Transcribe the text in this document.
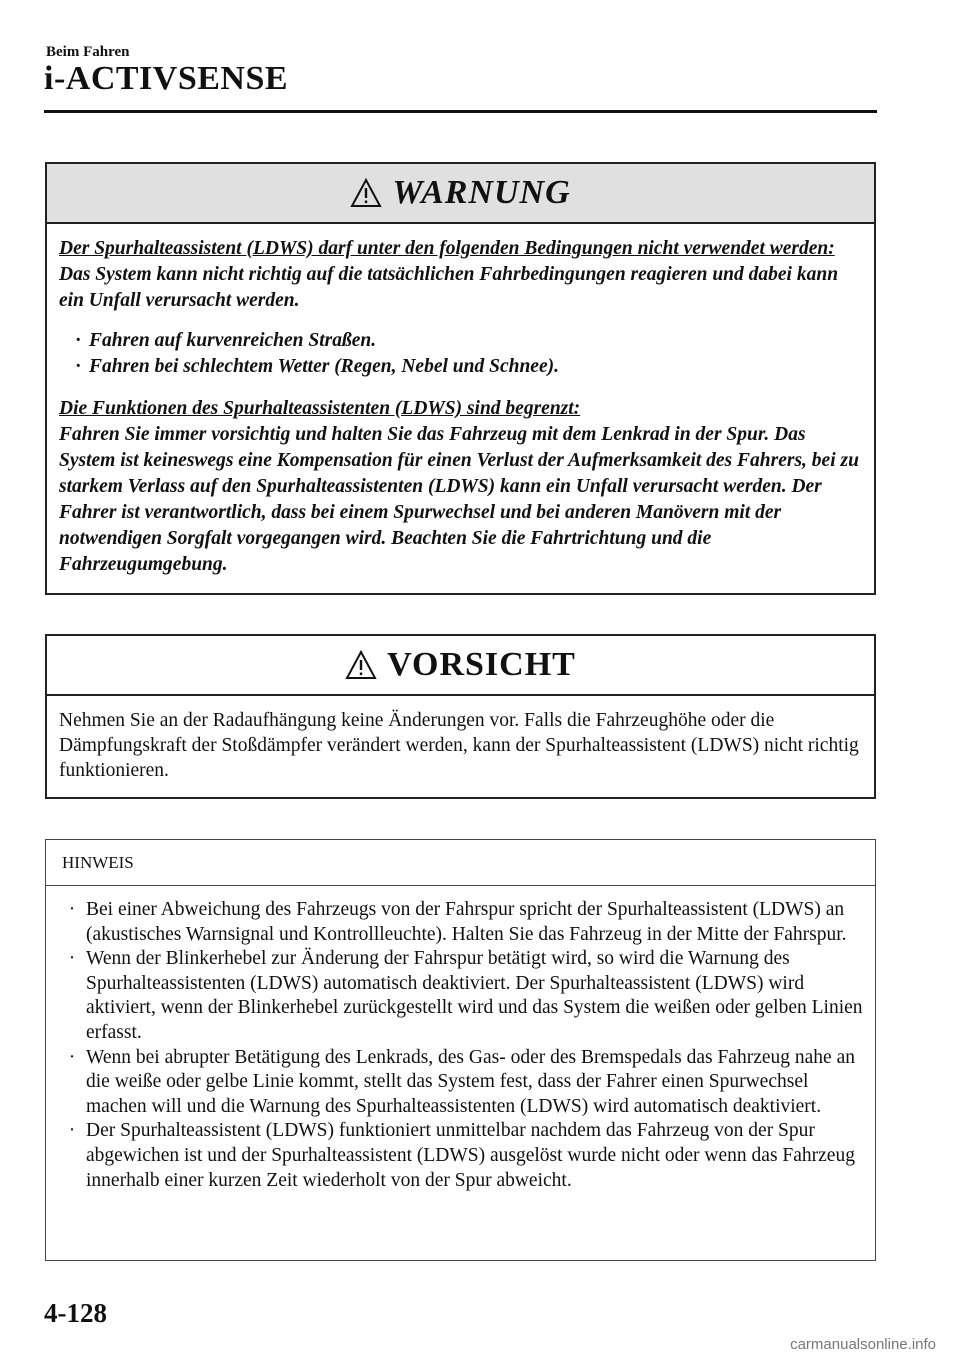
Beim Fahren
i-ACTIVSENSE
WARNUNG

Der Spurhalteassistent (LDWS) darf unter den folgenden Bedingungen nicht verwendet werden:

Das System kann nicht richtig auf die tatsächlichen Fahrbedingungen reagieren und dabei kann ein Unfall verursacht werden.

· Fahren auf kurvenreichen Straßen.
· Fahren bei schlechtem Wetter (Regen, Nebel und Schnee).

Die Funktionen des Spurhalteassistenten (LDWS) sind begrenzt:

Fahren Sie immer vorsichtig und halten Sie das Fahrzeug mit dem Lenkrad in der Spur. Das System ist keineswegs eine Kompensation für einen Verlust der Aufmerksamkeit des Fahrers, bei zu starkem Verlass auf den Spurhalteassistenten (LDWS) kann ein Unfall verursacht werden. Der Fahrer ist verantwortlich, dass bei einem Spurwechsel und bei anderen Manövern mit der notwendigen Sorgfalt vorgegangen wird. Beachten Sie die Fahrtrichtung und die Fahrzeugumgebung.

VORSICHT

Nehmen Sie an der Radaufhängung keine Änderungen vor. Falls die Fahrzeughöhe oder die Dämpfungskraft der Stoßdämpfer verändert werden, kann der Spurhalteassistent (LDWS) nicht richtig funktionieren.

HINWEIS
· Bei einer Abweichung des Fahrzeugs von der Fahrspur spricht der Spurhalteassistent (LDWS) an (akustisches Warnsignal und Kontrollleuchte). Halten Sie das Fahrzeug in der Mitte der Fahrspur.
· Wenn der Blinkerhebel zur Änderung der Fahrspur betätigt wird, so wird die Warnung des Spurhalteassistenten (LDWS) automatisch deaktiviert. Der Spurhalteassistent (LDWS) wird aktiviert, wenn der Blinkerhebel zurückgestellt wird und das System die weißen oder gelben Linien erfasst.
· Wenn bei abrupter Betätigung des Lenkrads, des Gas- oder des Bremspedals das Fahrzeug nahe an die weiße oder gelbe Linie kommt, stellt das System fest, dass der Fahrer einen Spurwechsel machen will und die Warnung des Spurhalteassistenten (LDWS) wird automatisch deaktiviert.
· Der Spurhalteassistent (LDWS) funktioniert unmittelbar nachdem das Fahrzeug von der Spur abgewichen ist und der Spurhalteassistent (LDWS) ausgelöst wurde nicht oder wenn das Fahrzeug innerhalb einer kurzen Zeit wiederholt von der Spur abweicht.
4-128
carmanualsonline.info
